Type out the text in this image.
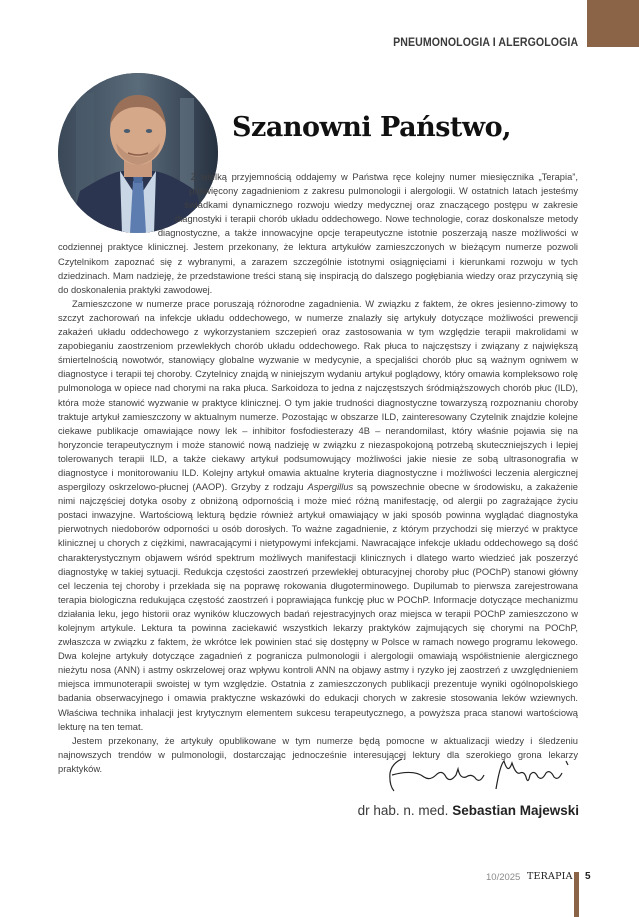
PNEUMONOLOGIA I ALERGOLOGIA
Szanowni Państwo,

Z wielką przyjemnością oddajemy w Państwa ręce kolejny numer miesięcznika „Terapia”, poświęcony zagadnieniom z zakresu pulmonologii i alergologii. W ostatnich latach jesteśmy świadkami dynamicznego rozwoju wiedzy medycznej oraz znaczącego postępu w zakresie diagnostyki i terapii chorób układu oddechowego. Nowe technologie, coraz doskonalsze metody diagnostyczne, a także innowacyjne opcje terapeutyczne istotnie poszerzają nasze możliwości w codziennej praktyce klinicznej. Jestem przekonany, że lektura artykułów zamieszczonych w bieżącym numerze pozwoli Czytelnikom zapoznać się z wybranymi, a zarazem szczególnie istotnymi osiągnięciami i kierunkami rozwoju w tych dziedzinach. Mam nadzieję, że przedstawione treści staną się inspiracją do dalszego pogłębiania wiedzy oraz przyczynią się do doskonalenia praktyki zawodowej.

Zamieszczone w numerze prace poruszają różnorodne zagadnienia. W związku z faktem, że okres jesienno-zimowy to szczyt zachorowań na infekcje układu oddechowego, w numerze znalazły się artykuły dotyczące możliwości prewencji zakażeń układu oddechowego z wykorzystaniem szczepień oraz zastosowania w tym względzie terapii makrolidami w zapobieganiu zaostrzeniom przewlekłych chorób układu oddechowego. Rak płuca to najczęstszy i związany z największą śmiertelnością nowotwór, stanowiący globalne wyzwanie w medycynie, a specjaliści chorób płuc są ważnym ogniwem w diagnostyce i terapii tej choroby. Czytelnicy znajdą w niniejszym wydaniu artykuł poglądowy, który omawia kompleksowo rolę pulmonologa w opiece nad chorymi na raka płuca. Sarkoidoza to jedna z najczęstszych śródmiąższowych chorób płuc (ILD), która może stanowić wyzwanie w praktyce klinicznej. O tym jakie trudności diagnostyczne towarzyszą rozpoznaniu choroby traktuje artykuł zamieszczony w aktualnym numerze. Pozostając w obszarze ILD, zainteresowany Czytelnik znajdzie kolejne ciekawe publikacje omawiające nowy lek – inhibitor fosfodiesterazy 4B – nerandomilast, który właśnie pojawia się na horyzoncie terapeutycznym i może stanowić nową nadzieję w związku z niezaspokojoną potrzebą skuteczniejszych i lepiej tolerowanych terapii ILD, a także ciekawy artykuł podsumowujący możliwości jakie niesie ze sobą ultrasonografia w diagnostyce i monitorowaniu ILD. Kolejny artykuł omawia aktualne kryteria diagnostyczne i możliwości leczenia alergicznej aspergilozy oskrzelowo-płucnej (AAOP). Grzyby z rodzaju Aspergillus są powszechnie obecne w środowisku, a zakażenie nimi najczęściej dotyka osoby z obniżoną odpornością i może mieć różną manifestację, od alergii po zagrażające życiu postaci inwazyjne. Wartościową lekturą będzie również artykuł omawiający w jaki sposób powinna wyglądać diagnostyka pierwotnych niedoborów odporności u osób dorosłych. To ważne zagadnienie, z którym przychodzi się mierzyć w praktyce klinicznej u chorych z ciężkimi, nawracającymi i nietypowymi infekcjami. Nawracające infekcje układu oddechowego są dość charakterystycznym objawem wśród spektrum możliwych manifestacji klinicznych i dlatego warto wiedzieć jak poszerzyć diagnostykę w takiej sytuacji. Redukcja częstości zaostrzeń przewlekłej obturacyjnej choroby płuc (POChP) stanowi główny cel leczenia tej choroby i przekłada się na poprawę rokowania długoterminowego. Dupilumab to pierwsza zarejestrowana terapia biologiczna redukująca częstość zaostrzeń i poprawiająca funkcję płuc w POChP. Informacje dotyczące mechanizmu działania leku, jego historii oraz wyników kluczowych badań rejestracyjnych oraz miejsca w terapii POChP zamieszczono w kolejnym artykule. Lektura ta powinna zaciekawić wszystkich lekarzy praktyków zajmujących się chorymi na POChP, zwłaszcza w związku z faktem, że wkrótce lek powinien stać się dostępny w Polsce w ramach nowego programu lekowego. Dwa kolejne artykuły dotyczące zagadnień z pogranicza pulmonologii i alergologii omawiają współistnienie alergicznego nieżytu nosa (ANN) i astmy oskrzelowej oraz wpływu kontroli ANN na objawy astmy i ryzyko jej zaostrzeń z uwzględnieniem miejsca immunoterapii swoistej w tym względzie. Ostatnia z zamieszczonych publikacji prezentuje wyniki ogólnopolskiego badania obserwacyjnego i omawia praktyczne wskazówki do edukacji chorych w zakresie stosowania leków wziewnych. Właściwa technika inhalacji jest krytycznym elementem sukcesu terapeutycznego, a powyższa praca stanowi wartościową lekturę na ten temat.

Jestem przekonany, że artykuły opublikowane w tym numerze będą pomocne w aktualizacji wiedzy i śledzeniu najnowszych trendów w pulmonologii, dostarczając jednocześnie interesującej lektury dla szerokiego grona lekarzy praktyków.

dr hab. n. med. Sebastian Majewski
10/2025 TERAPIA 5
